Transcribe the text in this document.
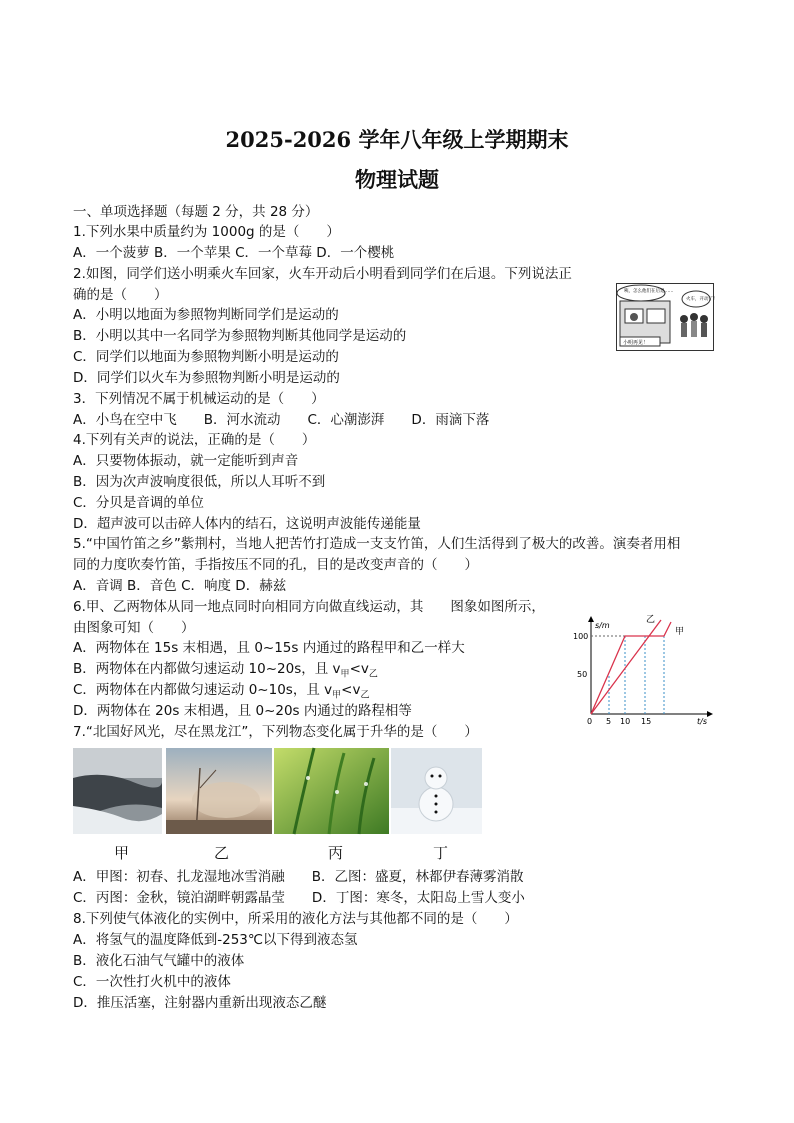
2025-2026 学年八年级上学期期末
物理试题
一、单项选择题（每题 2 分，共 28 分）
1.下列水果中质量约为 1000g 的是（　　）
A．一个菠萝 B．一个苹果 C．一个草莓 D．一个樱桃
2.如图，同学们送小明乘火车回家，火车开动后小明看到同学们在后退。下列说法正
确的是（　　）
A．小明以地面为参照物判断同学们是运动的
B．小明以其中一名同学为参照物判断其他同学是运动的
C．同学们以地面为参照物判断小明是运动的
D．同学们以火车为参照物判断小明是运动的
咦，怎么他们在后退……
火车，开动了！
小明再见！
3．下列情况不属于机械运动的是（　　）
A．小鸟在空中飞　　B．河水流动　　C．心潮澎湃　　D．雨滴下落
4.下列有关声的说法，正确的是（　　）
A．只要物体振动，就一定能听到声音
B．因为次声波响度很低，所以人耳听不到
C．分贝是音调的单位
D．超声波可以击碎人体内的结石，这说明声波能传递能量
5.“中国竹笛之乡”紫荆村，当地人把苦竹打造成一支支竹笛，人们生活得到了极大的改善。演奏者用相
同的力度吹奏竹笛，手指按压不同的孔，目的是改变声音的（　　）
A．音调 B．音色 C．响度 D．赫兹
6.甲、乙两物体从同一地点同时向相同方向做直线运动，其　　图象如图所示，
由图象可知（　　）
A．两物体在 15s 末相遇，且 0~15s 内通过的路程甲和乙一样大
B．两物体在内都做匀速运动 10~20s，且 $v_甲<v_乙$
C．两物体在内都做匀速运动 0~10s，且 $v_甲<v_乙$
D．两物体在 20s 末相遇，且 0~20s 内通过的路程相等
s/m
t/s
100
50
0 5 10 15
乙
甲
7.“北国好风光，尽在黑龙江”，下列物态变化属于升华的是（　　）
甲	乙	丙	丁
A．甲图：初春、扎龙湿地冰雪消融　　B．乙图：盛夏，林都伊春薄雾消散
C．丙图：金秋，镜泊湖畔朝露晶莹　　D．丁图：寒冬，太阳岛上雪人变小
8.下列使气体液化的实例中，所采用的液化方法与其他都不同的是（　　）
A．将氢气的温度降低到-253℃以下得到液态氢
B．液化石油气气罐中的液体
C．一次性打火机中的液体
D．推压活塞，注射器内重新出现液态乙醚
